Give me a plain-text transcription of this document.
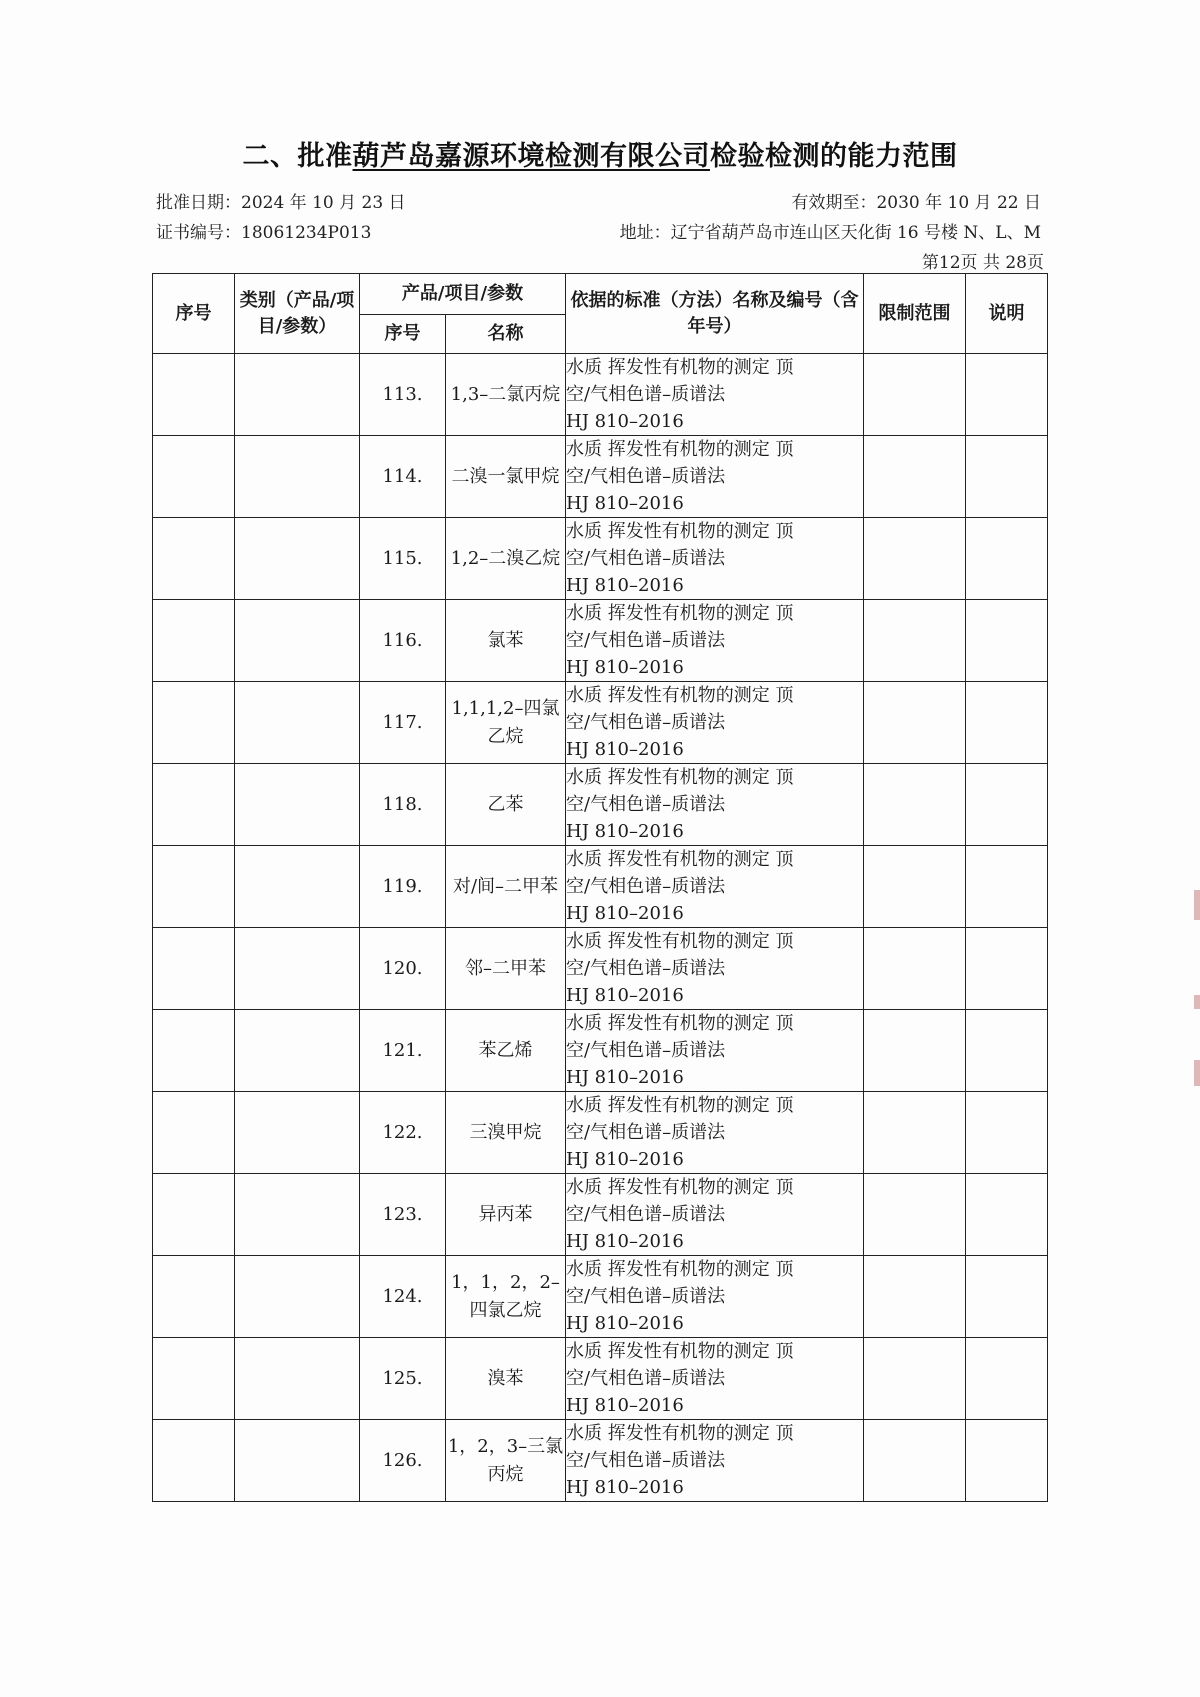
二、批准葫芦岛嘉源环境检测有限公司检验检测的能力范围
批准日期：2024 年 10 月 23 日
证书编号：18061234P013
有效期至：2030 年 10 月 22 日
地址：辽宁省葫芦岛市连山区天化街 16 号楼 N、L、M
第12页 共 28页
序号	类别（产品/项目/参数）	产品/项目/参数		依据的标准（方法）名称及编号（含年号）	限制范围	说明
		序号	名称			
		113.	1,3–二氯丙烷	水质 挥发性有机物的测定 顶
空/气相色谱–质谱法
HJ 810–2016		

		114.	二溴一氯甲烷	水质 挥发性有机物的测定 顶
空/气相色谱–质谱法
HJ 810–2016		

		115.	1,2–二溴乙烷	水质 挥发性有机物的测定 顶
空/气相色谱–质谱法
HJ 810–2016		

		116.	氯苯	水质 挥发性有机物的测定 顶
空/气相色谱–质谱法
HJ 810–2016		

		117.	1,1,1,2–四氯乙烷	水质 挥发性有机物的测定 顶
空/气相色谱–质谱法
HJ 810–2016		

		118.	乙苯	水质 挥发性有机物的测定 顶
空/气相色谱–质谱法
HJ 810–2016		

		119.	对/间–二甲苯	水质 挥发性有机物的测定 顶
空/气相色谱–质谱法
HJ 810–2016		

		120.	邻–二甲苯	水质 挥发性有机物的测定 顶
空/气相色谱–质谱法
HJ 810–2016		

		121.	苯乙烯	水质 挥发性有机物的测定 顶
空/气相色谱–质谱法
HJ 810–2016		

		122.	三溴甲烷	水质 挥发性有机物的测定 顶
空/气相色谱–质谱法
HJ 810–2016		

		123.	异丙苯	水质 挥发性有机物的测定 顶
空/气相色谱–质谱法
HJ 810–2016		

		124.	1，1，2，2–四氯乙烷	水质 挥发性有机物的测定 顶
空/气相色谱–质谱法
HJ 810–2016		

		125.	溴苯	水质 挥发性有机物的测定 顶
空/气相色谱–质谱法
HJ 810–2016		

		126.	1，2，3–三氯丙烷	水质 挥发性有机物的测定 顶
空/气相色谱–质谱法
HJ 810–2016		
